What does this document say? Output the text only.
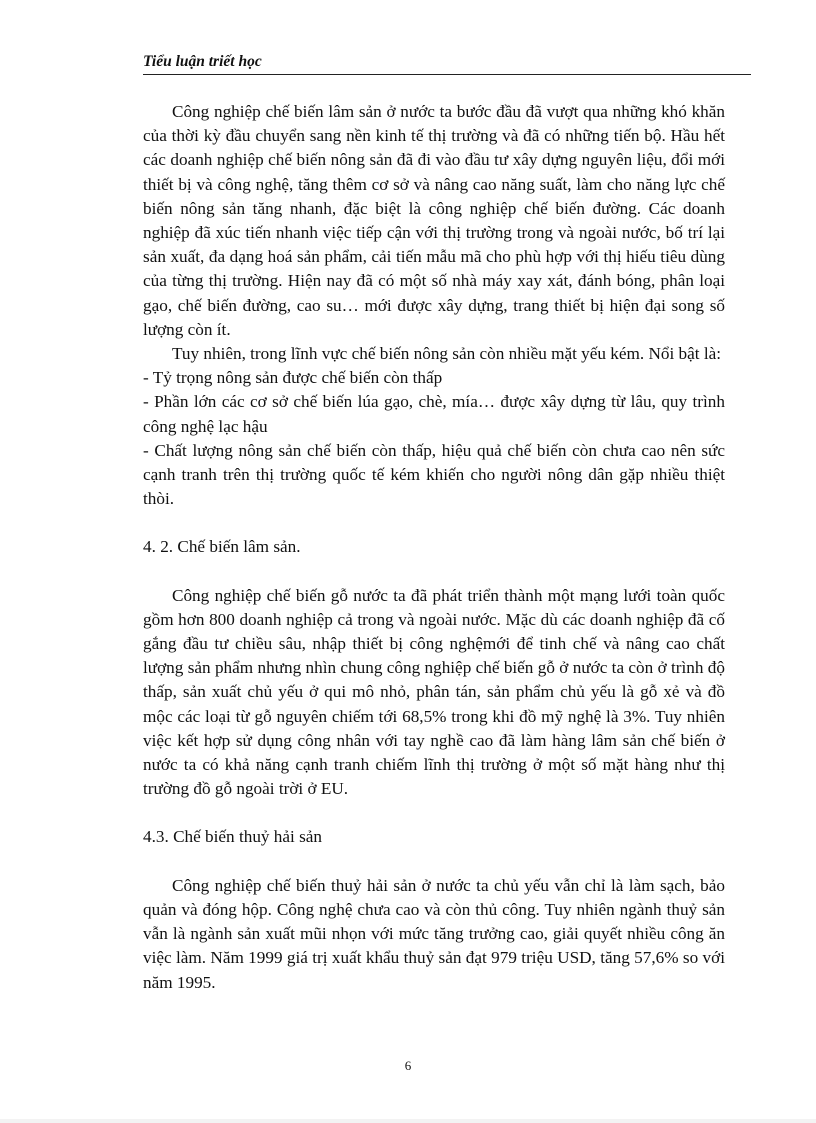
Tiểu luận triết học

Công nghiệp chế biến lâm sản ở nước ta bước đầu đã vượt qua những khó khăn của thời kỳ đầu chuyển sang nền kinh tế thị trường và đã có những tiến bộ. Hầu hết các doanh nghiệp chế biến nông sản đã đi vào đầu tư xây dựng nguyên liệu, đổi mới thiết bị và công nghệ, tăng thêm cơ sở và nâng cao năng suất, làm cho năng lực chế biến nông sản tăng nhanh, đặc biệt là công nghiệp chế biến đường. Các doanh nghiệp đã xúc tiến nhanh việc tiếp cận với thị trường trong và ngoài nước, bố trí lại sản xuất, đa dạng hoá sản phẩm, cải tiến mẫu mã cho phù hợp với thị hiếu tiêu dùng của từng thị trường. Hiện nay đã có một số nhà máy xay xát, đánh bóng, phân loại gạo, chế biến đường, cao su… mới được xây dựng, trang thiết bị hiện đại song số lượng còn ít.

Tuy nhiên, trong lĩnh vực chế biến nông sản còn nhiều mặt yếu kém. Nổi bật là:

- Tỷ trọng nông sản được chế biến còn thấp

- Phần lớn các cơ sở chế biến lúa gạo, chè, mía… được xây dựng từ lâu, quy trình công nghệ lạc hậu

- Chất lượng nông sản chế biến còn thấp, hiệu quả chế biến còn chưa cao nên sức cạnh tranh trên thị trường quốc tế kém khiến cho người nông dân gặp nhiều thiệt thòi.

4. 2. Chế biến lâm sản.

Công nghiệp chế biến gỗ nước ta đã phát triển thành một mạng lưới toàn quốc gồm hơn 800 doanh nghiệp cả trong và ngoài nước. Mặc dù các doanh nghiệp đã cố gắng đầu tư chiều sâu, nhập thiết bị công nghệmới để tinh chế và nâng cao chất lượng sản phẩm nhưng nhìn chung công nghiệp chế biến gỗ ở nước ta còn ở trình độ thấp, sản xuất chủ yếu ở qui mô nhỏ, phân tán, sản phẩm chủ yếu là gỗ xẻ và đồ mộc các loại từ gỗ nguyên chiếm tới 68,5% trong khi đồ mỹ nghệ là 3%. Tuy nhiên việc kết hợp sử dụng công nhân với tay nghề cao đã làm hàng lâm sản chế biến ở nước ta có khả năng cạnh tranh chiếm lĩnh thị trường ở một số mặt hàng như thị trường đồ gỗ ngoài trời ở EU.

4.3. Chế biến thuỷ hải sản

Công nghiệp chế biến thuỷ hải sản ở nước ta chủ yếu vẫn chỉ là làm sạch, bảo quản và đóng hộp. Công nghệ chưa cao và còn thủ công. Tuy nhiên ngành thuỷ sản vẫn là ngành sản xuất mũi nhọn với mức tăng trưởng cao, giải quyết nhiều công ăn việc làm. Năm 1999 giá trị xuất khẩu thuỷ sản đạt 979 triệu USD, tăng 57,6% so với năm 1995.

6
